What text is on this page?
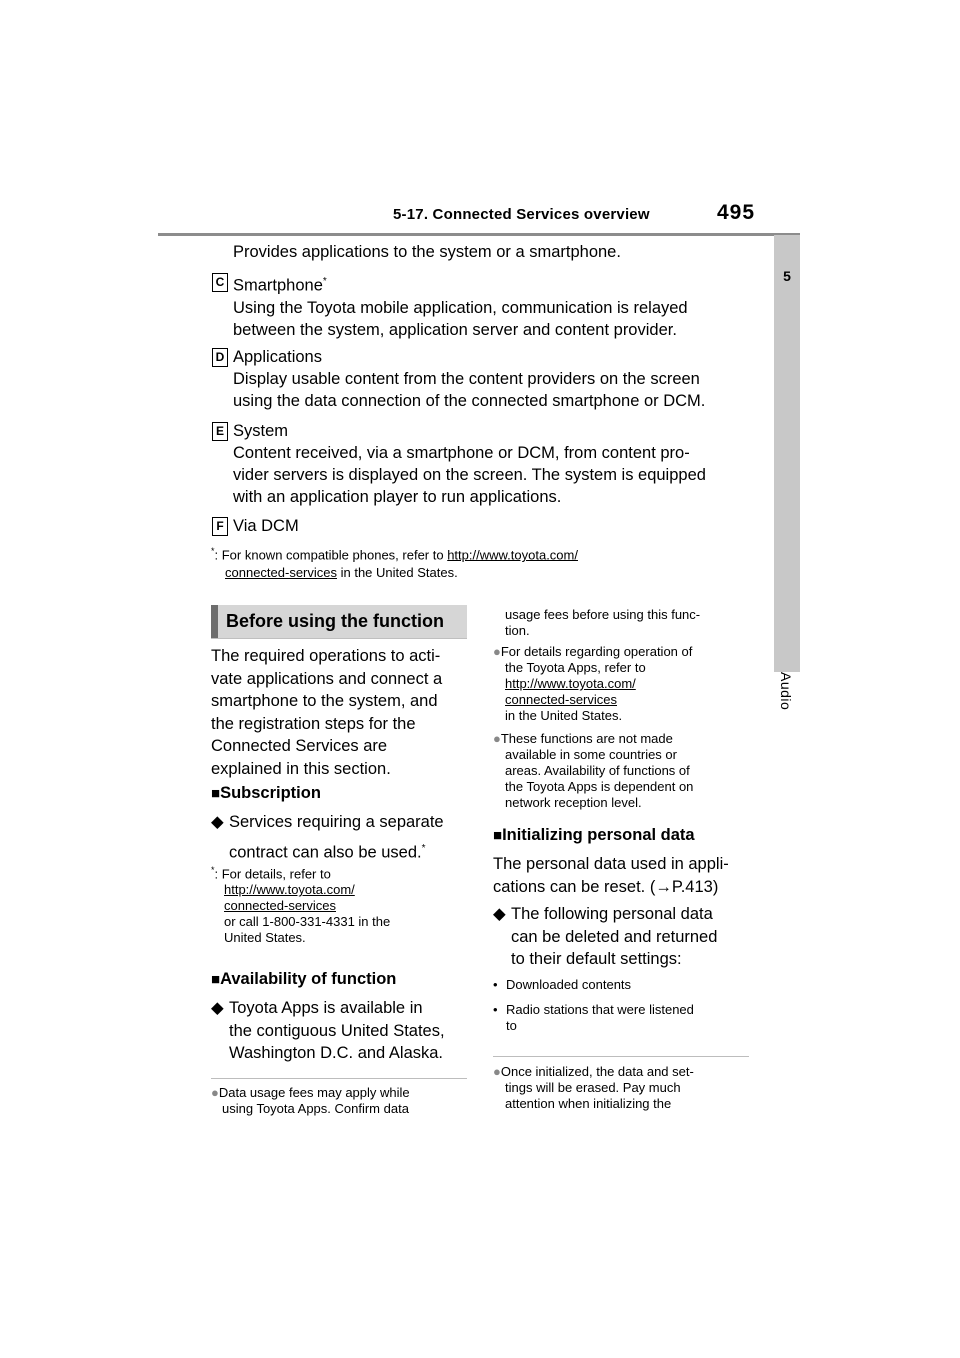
5-17. Connected Services overview	495
5
Audio
Provides applications to the system or a smartphone.
C Smartphone*
Using the Toyota mobile application, communication is relayed
between the system, application server and content provider.
D Applications
Display usable content from the content providers on the screen
using the data connection of the connected smartphone or DCM.
E System
Content received, via a smartphone or DCM, from content pro-
vider servers is displayed on the screen. The system is equipped
with an application player to run applications.
F Via DCM
*: For known compatible phones, refer to http://www.toyota.com/
connected-services in the United States.
Before using the function
The required operations to acti-
vate applications and connect a
smartphone to the system, and
the registration steps for the
Connected Services are
explained in this section.
■Subscription
◆ Services requiring a separate
contract can also be used.*
*: For details, refer to
http://www.toyota.com/
connected-services
or call 1-800-331-4331 in the
United States.
■Availability of function
◆ Toyota Apps is available in
the contiguous United States,
Washington D.C. and Alaska.
●Data usage fees may apply while
using Toyota Apps. Confirm data
usage fees before using this func-
tion.
●For details regarding operation of
the Toyota Apps, refer to
http://www.toyota.com/
connected-services
in the United States.
●These functions are not made
available in some countries or
areas. Availability of functions of
the Toyota Apps is dependent on
network reception level.
■Initializing personal data
The personal data used in appli-
cations can be reset. (→P.413)
◆ The following personal data
can be deleted and returned
to their default settings:
• Downloaded contents
• Radio stations that were listened
to
●Once initialized, the data and set-
tings will be erased. Pay much
attention when initializing the
